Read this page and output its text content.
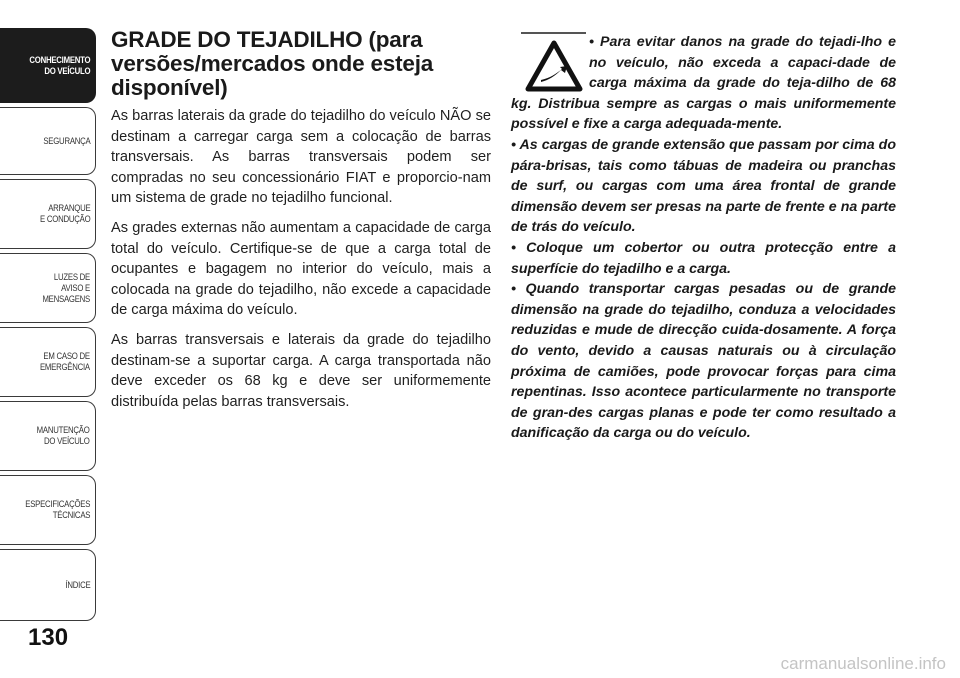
CONHECIMENTO
DO VEÍCULO
SEGURANÇA
ARRANQUE
E CONDUÇÃO
LUZES DE
AVISO E
MENSAGENS
EM CASO DE
EMERGÊNCIA
MANUTENÇÃO
DO VEÍCULO
ESPECIFICAÇÕES
TÉCNICAS
ÍNDICE
130
GRADE DO TEJADILHO (para versões/mercados onde esteja disponível)

As barras laterais da grade do tejadilho do veículo NÃO se destinam a carregar carga sem a colocação de barras transversais. As barras transversais podem ser compradas no seu concessionário FIAT e proporcio-nam um sistema de grade no tejadilho funcional.

As grades externas não aumentam a capacidade de carga total do veículo. Certifique-se de que a carga total de ocupantes e bagagem no interior do veículo, mais a colocada na grade do tejadilho, não excede a capacidade de carga máxima do veículo.

As barras transversais e laterais da grade do tejadilho destinam-se a suportar carga. A carga transportada não deve exceder os 68 kg e deve ser uniformemente distribuída pelas barras transversais.

• Para evitar danos na grade do tejadi-lho e no veículo, não exceda a capaci-dade de carga máxima da grade do teja-dilho de 68 kg. Distribua sempre as cargas o mais uniformemente possível e fixe a carga adequada-mente.
• As cargas de grande extensão que passam por cima do pára-brisas, tais como tábuas de madeira ou pranchas de surf, ou cargas com uma área frontal de grande dimensão devem ser presas na parte de frente e na parte de trás do veículo.
• Coloque um cobertor ou outra protecção entre a superfície do tejadilho e a carga.
• Quando transportar cargas pesadas ou de grande dimensão na grade do tejadilho, conduza a velocidades reduzidas e mude de direcção cuida-dosamente. A força do vento, devido a causas naturais ou à circulação próxima de camiões, pode provocar forças para cima repentinas. Isso acontece particularmente no transporte de gran-des cargas planas e pode ter como resultado a danificação da carga ou do veículo.
carmanualsonline.info
